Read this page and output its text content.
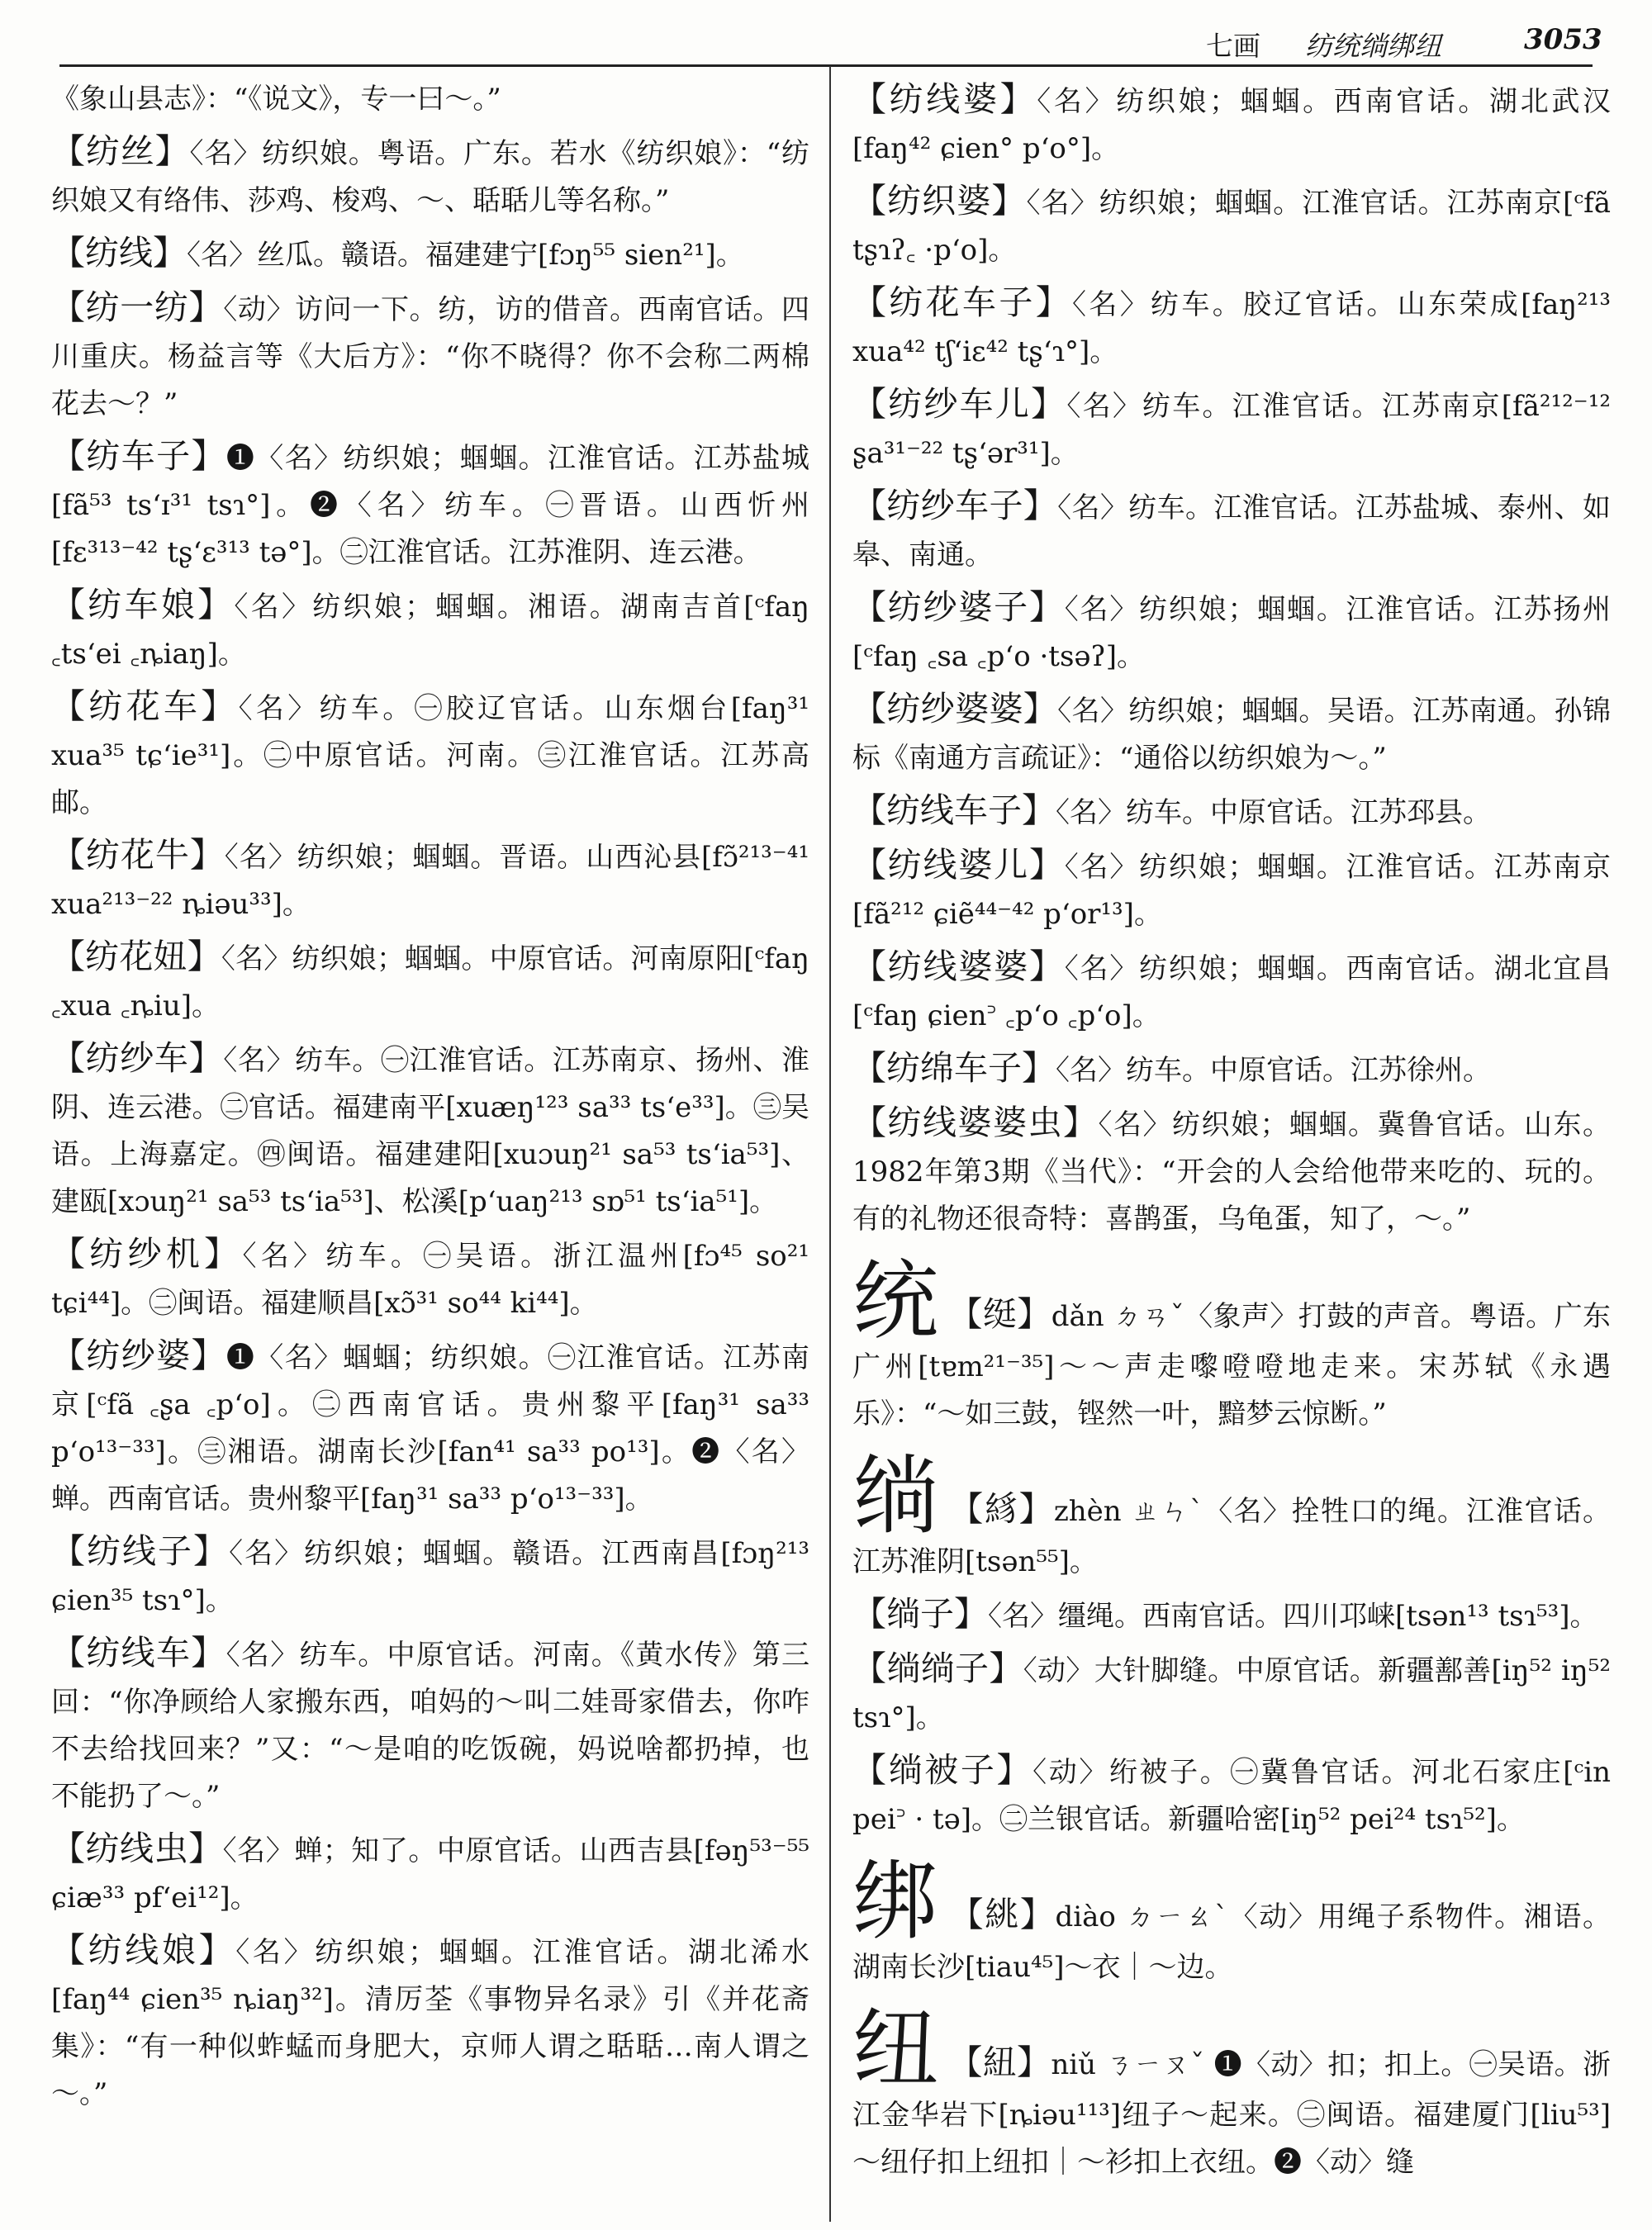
七画 纺统绱绑纽	3053
《象山县志》：“《说文》，专一曰～。”
【纺丝】〈名〉纺织娘。粤语。广东。若水《纺织娘》：“纺织娘又有络伟、莎鸡、梭鸡、～、聒聒儿等名称。”
【纺线】〈名〉丝瓜。赣语。福建建宁[fɔŋ⁵⁵ sien²¹]。
【纺一纺】〈动〉访问一下。纺，访的借音。西南官话。四川重庆。杨益言等《大后方》：“你不晓得？你不会称二两棉花去～？”
【纺车子】❶〈名〉纺织娘；蝈蝈。江淮官话。江苏盐城[fã⁵³ tsʻɪ³¹ tsɿ°]。❷〈名〉纺车。㊀晋语。山西忻州[fɛ³¹³⁻⁴² tʂʻɛ³¹³ tə°]。㊁江淮官话。江苏淮阴、连云港。
【纺车娘】〈名〉纺织娘；蝈蝈。湘语。湖南吉首[ᶜfaŋ ꜀tsʻei ꜀ȵiaŋ]。
【纺花车】〈名〉纺车。㊀胶辽官话。山东烟台[faŋ³¹ xua³⁵ tɕʻie³¹]。㊁中原官话。河南。㊂江淮官话。江苏高邮。
【纺花牛】〈名〉纺织娘；蝈蝈。晋语。山西沁县[fɔ̃²¹³⁻⁴¹ xua²¹³⁻²² ȵiəu³³]。
【纺花妞】〈名〉纺织娘；蝈蝈。中原官话。河南原阳[ᶜfaŋ ꜀xua ꜀ȵiu]。
【纺纱车】〈名〉纺车。㊀江淮官话。江苏南京、扬州、淮阴、连云港。㊁官话。福建南平[xuæŋ¹²³ sa³³ tsʻe³³]。㊂吴语。上海嘉定。㊃闽语。福建建阳[xuɔuŋ²¹ sa⁵³ tsʻia⁵³]、建瓯[xɔuŋ²¹ sa⁵³ tsʻia⁵³]、松溪[pʻuaŋ²¹³ sɒ⁵¹ tsʻia⁵¹]。
【纺纱机】〈名〉纺车。㊀吴语。浙江温州[fɔ⁴⁵ so²¹ tɕi⁴⁴]。㊁闽语。福建顺昌[xɔ̃³¹ so⁴⁴ ki⁴⁴]。
【纺纱婆】❶〈名〉蝈蝈；纺织娘。㊀江淮官话。江苏南京[ᶜfã ꜀ʂa ꜀pʻo]。㊁西南官话。贵州黎平[faŋ³¹ sa³³ pʻo¹³⁻³³]。㊂湘语。湖南长沙[fan⁴¹ sa³³ po¹³]。❷〈名〉蝉。西南官话。贵州黎平[faŋ³¹ sa³³ pʻo¹³⁻³³]。
【纺线子】〈名〉纺织娘；蝈蝈。赣语。江西南昌[fɔŋ²¹³ ɕien³⁵ tsɿ°]。
【纺线车】〈名〉纺车。中原官话。河南。《黄水传》第三回：“你净顾给人家搬东西，咱妈的～叫二娃哥家借去，你咋不去给找回来？”又：“～是咱的吃饭碗，妈说啥都扔掉，也不能扔了～。”
【纺线虫】〈名〉蝉；知了。中原官话。山西吉县[fəŋ⁵³⁻⁵⁵ ɕiæ³³ pfʻei¹²]。
【纺线娘】〈名〉纺织娘；蝈蝈。江淮官话。湖北浠水[faŋ⁴⁴ ɕien³⁵ ȵiaŋ³²]。清厉荃《事物异名录》引《并花斋集》：“有一种似蚱蜢而身肥大，京师人谓之聒聒…南人谓之～。”
【纺线婆】〈名〉纺织娘；蝈蝈。西南官话。湖北武汉[faŋ⁴² ɕien° pʻo°]。
【纺织婆】〈名〉纺织娘；蝈蝈。江淮官话。江苏南京[ᶜfã tʂɿʔ꜀ ·pʻo]。
【纺花车子】〈名〉纺车。胶辽官话。山东荣成[faŋ²¹³ xua⁴² tʃʻiɛ⁴² tʂʻɿ°]。
【纺纱车儿】〈名〉纺车。江淮官话。江苏南京[fã²¹²⁻¹² ʂa³¹⁻²² tʂʻər³¹]。
【纺纱车子】〈名〉纺车。江淮官话。江苏盐城、泰州、如皋、南通。
【纺纱婆子】〈名〉纺织娘；蝈蝈。江淮官话。江苏扬州[ᶜfaŋ ꜀sa ꜀pʻo ·tsəʔ]。
【纺纱婆婆】〈名〉纺织娘；蝈蝈。吴语。江苏南通。孙锦标《南通方言疏证》：“通俗以纺织娘为～。”
【纺线车子】〈名〉纺车。中原官话。江苏邳县。
【纺线婆儿】〈名〉纺织娘；蝈蝈。江淮官话。江苏南京[fã²¹² ɕiẽ⁴⁴⁻⁴² pʻor¹³]。
【纺线婆婆】〈名〉纺织娘；蝈蝈。西南官话。湖北宜昌[ᶜfaŋ ɕien꜄ ꜀pʻo ꜀pʻo]。
【纺绵车子】〈名〉纺车。中原官话。江苏徐州。
【纺线婆婆虫】〈名〉纺织娘；蝈蝈。冀鲁官话。山东。1982年第3期《当代》：“开会的人会给他带来吃的、玩的。有的礼物还很奇特：喜鹊蛋，乌龟蛋，知了，～。”
统 【𬘩】dǎn ㄉㄢˇ〈象声〉打鼓的声音。粤语。广东广州[tɐm²¹⁻³⁵]～～声走嚟噔噔地走来。宋苏轼《永遇乐》：“～如三鼓，铿然一叶，黯梦云惊断。”
绱 【絼】zhèn ㄓㄣˋ〈名〉拴牲口的绳。江淮官话。江苏淮阴[tsən⁵⁵]。
【绱子】〈名〉缰绳。西南官话。四川邛崃[tsən¹³ tsɿ⁵³]。
【绱绱子】〈动〉大针脚缝。中原官话。新疆鄯善[iŋ⁵² iŋ⁵² tsɿ°]。
【绱被子】〈动〉绗被子。㊀冀鲁官话。河北石家庄[ᶜin pei꜄ · tə]。㊁兰银官话。新疆哈密[iŋ⁵² pei²⁴ tsɿ⁵²]。
绑 【絩】diào ㄉㄧㄠˋ〈动〉用绳子系物件。湘语。湖南长沙[tiau⁴⁵]～衣｜～边。
纽 【紐】niǔ ㄋㄧㄡˇ ❶〈动〉扣；扣上。㊀吴语。浙江金华岩下[ȵiəu¹¹³]纽子～起来。㊁闽语。福建厦门[liu⁵³]～纽仔扣上纽扣｜～衫扣上衣纽。❷〈动〉缝
